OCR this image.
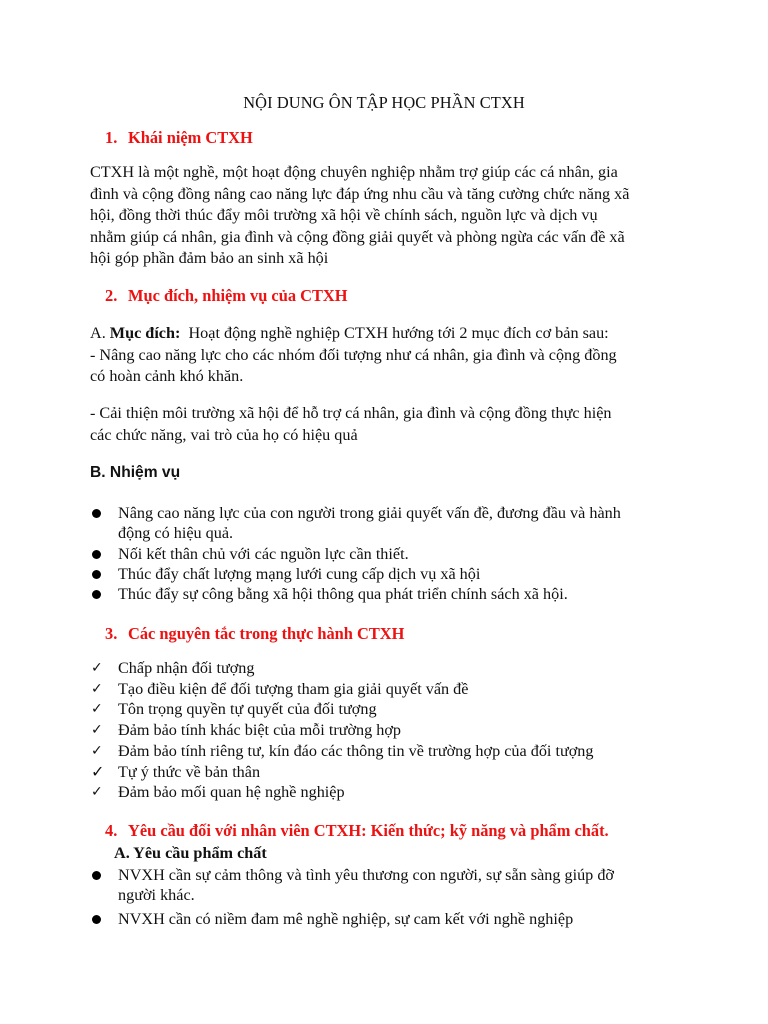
NỘI DUNG ÔN TẬP HỌC PHẦN CTXH
1. Khái niệm CTXH

CTXH là một nghề, một hoạt động chuyên nghiệp nhằm trợ giúp các cá nhân, gia

đình và cộng đồng nâng cao năng lực đáp ứng nhu cầu và tăng cường chức năng xã

hội, đồng thời thúc đẩy môi trường xã hội về chính sách, nguồn lực và dịch vụ

nhằm giúp cá nhân, gia đình và cộng đồng giải quyết và phòng ngừa các vấn đề xã

hội góp phần đảm bảo an sinh xã hội

2. Mục đích, nhiệm vụ của CTXH

A. Mục đích:  Hoạt động nghề nghiệp CTXH hướng tới 2 mục đích cơ bản sau:

- Nâng cao năng lực cho các nhóm đối tượng như cá nhân, gia đình và cộng đồng

có hoàn cảnh khó khăn.

- Cải thiện môi trường xã hội để hỗ trợ cá nhân, gia đình và cộng đồng thực hiện

các chức năng, vai trò của họ có hiệu quả

B. Nhiệm vụ
Nâng cao năng lực của con người trong giải quyết vấn đề, đương đầu và hành
động có hiệu quả.
Nối kết thân chủ với các nguồn lực cần thiết.
Thúc đẩy chất lượng mạng lưới cung cấp dịch vụ xã hội
Thúc đẩy sự công bằng xã hội thông qua phát triển chính sách xã hội.
3. Các nguyên tắc trong thực hành CTXH
✓ Chấp nhận đối tượng
✓ Tạo điều kiện để đối tượng tham gia giải quyết vấn đề
✓ Tôn trọng quyền tự quyết của đối tượng
✓ Đảm bảo tính khác biệt của mỗi trường hợp
✓ Đảm bảo tính riêng tư, kín đáo các thông tin về trường hợp của đối tượng
✓ Tự ý thức về bản thân
✓ Đảm bảo mối quan hệ nghề nghiệp
4. Yêu cầu đối với nhân viên CTXH: Kiến thức; kỹ năng và phẩm chất.
A. Yêu cầu phẩm chất
NVXH cần sự cảm thông và tình yêu thương con người, sự sẵn sàng giúp đỡ
người khác.
NVXH cần có niềm đam mê nghề nghiệp, sự cam kết với nghề nghiệp
